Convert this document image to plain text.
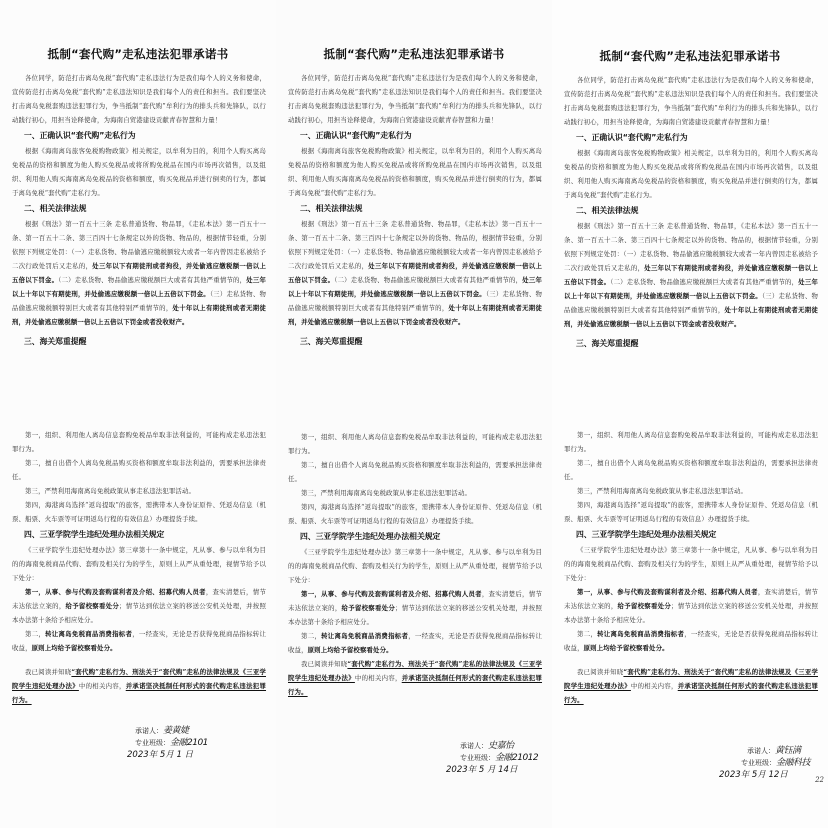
抵制“套代购”走私违法犯罪承诺书

各位同学，防范打击离岛免税“套代购”走私违法行为是我们每个人的义务和使命，宣传防范打击离岛免税“套代购”走私违法知识是我们每个人的责任和担当。我们要坚决打击离岛免税套购违法犯罪行为，争当抵制“套代购”牟利行为的排头兵和先锋队，以行动践行初心，用担当诠释使命，为海南自贸港建设贡献青春智慧和力量！

一、正确认识“套代购”走私行为

根据《海南离岛旅客免税购物政策》相关规定，以牟利为目的，利用个人购买离岛免税品的资格和额度为他人购买免税品或将所购免税品在国内市场再次销售，以及组织、利用他人购买海南离岛免税品的资格和额度，购买免税品并进行倒卖的行为，都属于离岛免税“套代购”走私行为。

二、相关法律法规

根据《刑法》第一百五十三条 走私普通货物、物品罪，《走私本法》第一百五十一条、第一百五十二条、第三百四十七条规定以外的货物、物品的，根据情节轻重，分别依照下列规定处罚：（一）走私货物、物品偷逃应缴税额较大或者一年内曾因走私被给予二次行政处罚后又走私的，处三年以下有期徒刑或者拘役，并处偷逃应缴税额一倍以上五倍以下罚金。（二）走私货物、物品偷逃应缴税额巨大或者有其他严重情节的，处三年以上十年以下有期徒刑，并处偷逃应缴税额一倍以上五倍以下罚金。（三）走私货物、物品偷逃应缴税额特别巨大或者有其他特别严重情节的，处十年以上有期徒刑或者无期徒刑，并处偷逃应缴税额一倍以上五倍以下罚金或者没收财产。

三、海关郑重提醒

第一，组织、利用他人离岛信息套购免税品牟取非法利益的，可能构成走私违法犯罪行为。

第二，擅自出借个人离岛免税品购买资格和额度牟取非法利益的，需要承担法律责任。

第三，严禁利用海南离岛免税政策从事走私违法犯罪活动。

第四，海港离岛选择“返岛提取”的旅客，需携带本人身份证原件、凭返岛信息（机票、船票、火车票等可证明返岛行程的有效信息）办理提货手续。

四、三亚学院学生违纪处理办法相关规定

《三亚学院学生违纪处理办法》第三章第十一条中规定，凡从事、参与以牟利为目的的海南免税商品代购、套购及相关行为的学生，原则上从严从重处理，视情节给予以下处分：

第一，从事、参与代购及套购谋利者及介绍、招募代购人员者，查实清楚后，情节未达依法立案的，给予留校察看处分；情节达到依法立案的移送公安机关处理，并按照本办法第十条给予相应处分。

第二，转让离岛免税商品消费指标者，一经查实，无论是否获得免税商品指标转让收益，原则上均给予留校察看处分。

我已阅读并知晓“套代购”走私行为、刑法关于“套代购”走私的法律法规及《三亚学院学生违纪处理办法》中的相关内容，并承诺坚决抵制任何形式的套代购走私违法犯罪行为。

承诺人：姜黄婕
专业班级：金融2101
2023年 5月 1 日
抵制“套代购”走私违法犯罪承诺书

各位同学，防范打击离岛免税“套代购”走私违法行为是我们每个人的义务和使命，宣传防范打击离岛免税“套代购”走私违法知识是我们每个人的责任和担当。我们要坚决打击离岛免税套购违法犯罪行为，争当抵制“套代购”牟利行为的排头兵和先锋队，以行动践行初心，用担当诠释使命，为海南自贸港建设贡献青春智慧和力量！

一、正确认识“套代购”走私行为

根据《海南离岛旅客免税购物政策》相关规定，以牟利为目的，利用个人购买离岛免税品的资格和额度为他人购买免税品或将所购免税品在国内市场再次销售，以及组织、利用他人购买海南离岛免税品的资格和额度，购买免税品并进行倒卖的行为，都属于离岛免税“套代购”走私行为。

二、相关法律法规

根据《刑法》第一百五十三条 走私普通货物、物品罪，《走私本法》第一百五十一条、第一百五十二条、第三百四十七条规定以外的货物、物品的，根据情节轻重，分别依照下列规定处罚：（一）走私货物、物品偷逃应缴税额较大或者一年内曾因走私被给予二次行政处罚后又走私的，处三年以下有期徒刑或者拘役，并处偷逃应缴税额一倍以上五倍以下罚金。（二）走私货物、物品偷逃应缴税额巨大或者有其他严重情节的，处三年以上十年以下有期徒刑，并处偷逃应缴税额一倍以上五倍以下罚金。（三）走私货物、物品偷逃应缴税额特别巨大或者有其他特别严重情节的，处十年以上有期徒刑或者无期徒刑，并处偷逃应缴税额一倍以上五倍以下罚金或者没收财产。

三、海关郑重提醒

第一，组织、利用他人离岛信息套购免税品牟取非法利益的，可能构成走私违法犯罪行为。

第二，擅自出借个人离岛免税品购买资格和额度牟取非法利益的，需要承担法律责任。

第三，严禁利用海南离岛免税政策从事走私违法犯罪活动。

第四，海港离岛选择“返岛提取”的旅客，需携带本人身份证原件、凭返岛信息（机票、船票、火车票等可证明返岛行程的有效信息）办理提货手续。

四、三亚学院学生违纪处理办法相关规定

《三亚学院学生违纪处理办法》第三章第十一条中规定，凡从事、参与以牟利为目的的海南免税商品代购、套购及相关行为的学生，原则上从严从重处理，视情节给予以下处分：

第一，从事、参与代购及套购谋利者及介绍、招募代购人员者，查实清楚后，情节未达依法立案的，给予留校察看处分；情节达到依法立案的移送公安机关处理，并按照本办法第十条给予相应处分。

第二，转让离岛免税商品消费指标者，一经查实，无论是否获得免税商品指标转让收益，原则上均给予留校察看处分。

我已阅读并知晓“套代购”走私行为、刑法关于“套代购”走私的法律法规及《三亚学院学生违纪处理办法》中的相关内容，并承诺坚决抵制任何形式的套代购走私违法犯罪行为。

承诺人：史嘉怡
专业班级：金融21012
2023年 5 月 14日
抵制“套代购”走私违法犯罪承诺书

各位同学，防范打击离岛免税“套代购”走私违法行为是我们每个人的义务和使命，宣传防范打击离岛免税“套代购”走私违法知识是我们每个人的责任和担当。我们要坚决打击离岛免税套购违法犯罪行为，争当抵制“套代购”牟利行为的排头兵和先锋队，以行动践行初心，用担当诠释使命，为海南自贸港建设贡献青春智慧和力量！

一、正确认识“套代购”走私行为

根据《海南离岛旅客免税购物政策》相关规定，以牟利为目的，利用个人购买离岛免税品的资格和额度为他人购买免税品或将所购免税品在国内市场再次销售，以及组织、利用他人购买海南离岛免税品的资格和额度，购买免税品并进行倒卖的行为，都属于离岛免税“套代购”走私行为。

二、相关法律法规

根据《刑法》第一百五十三条 走私普通货物、物品罪，《走私本法》第一百五十一条、第一百五十二条、第三百四十七条规定以外的货物、物品的，根据情节轻重，分别依照下列规定处罚：（一）走私货物、物品偷逃应缴税额较大或者一年内曾因走私被给予二次行政处罚后又走私的，处三年以下有期徒刑或者拘役，并处偷逃应缴税额一倍以上五倍以下罚金。（二）走私货物、物品偷逃应缴税额巨大或者有其他严重情节的，处三年以上十年以下有期徒刑，并处偷逃应缴税额一倍以上五倍以下罚金。（三）走私货物、物品偷逃应缴税额特别巨大或者有其他特别严重情节的，处十年以上有期徒刑或者无期徒刑，并处偷逃应缴税额一倍以上五倍以下罚金或者没收财产。

三、海关郑重提醒

第一，组织、利用他人离岛信息套购免税品牟取非法利益的，可能构成走私违法犯罪行为。

第二，擅自出借个人离岛免税品购买资格和额度牟取非法利益的，需要承担法律责任。

第三，严禁利用海南离岛免税政策从事走私违法犯罪活动。

第四，海港离岛选择“返岛提取”的旅客，需携带本人身份证原件、凭返岛信息（机票、船票、火车票等可证明返岛行程的有效信息）办理提货手续。

四、三亚学院学生违纪处理办法相关规定

《三亚学院学生违纪处理办法》第三章第十一条中规定，凡从事、参与以牟利为目的的海南免税商品代购、套购及相关行为的学生，原则上从严从重处理，视情节给予以下处分：

第一，从事、参与代购及套购谋利者及介绍、招募代购人员者，查实清楚后，情节未达依法立案的，给予留校察看处分；情节达到依法立案的移送公安机关处理，并按照本办法第十条给予相应处分。

第二，转让离岛免税商品消费指标者，一经查实，无论是否获得免税商品指标转让收益，原则上均给予留校察看处分。

我已阅读并知晓“套代购”走私行为、刑法关于“套代购”走私的法律法规及《三亚学院学生违纪处理办法》中的相关内容，并承诺坚决抵制任何形式的套代购走私违法犯罪行为。

承诺人：黄钰满
专业班级：金融科技
2023年 5月 12日	22
